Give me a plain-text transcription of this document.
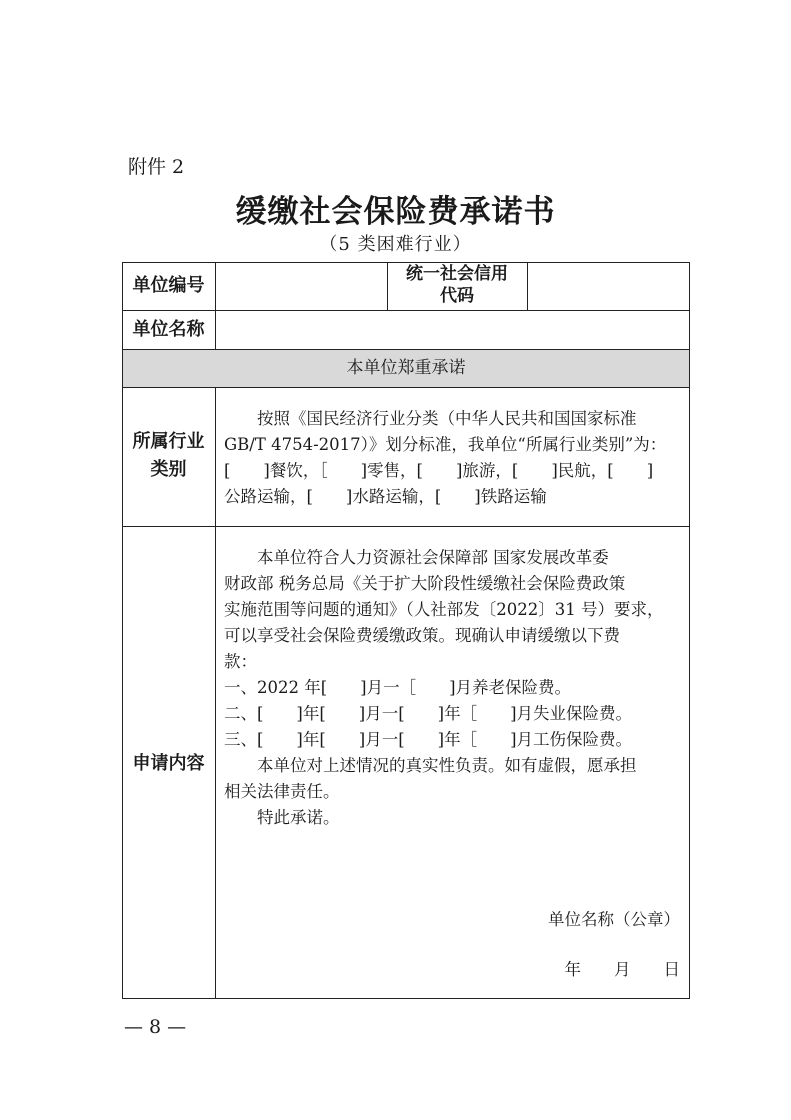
附件 2
缓缴社会保险费承诺书
（5 类困难行业）
单位编号
统一社会信用
代码
单位名称
本单位郑重承诺
所属行业
类别
按照《国民经济行业分类（中华人民共和国国家标准
GB/T 4754-2017）》划分标准，我单位“所属行业类别”为：
[　　]餐饮，［　　]零售，[　　]旅游，[　　]民航，[　　]
公路运输，[　　]水路运输，[　　]铁路运输
申请内容
本单位符合人力资源社会保障部 国家发展改革委
财政部 税务总局《关于扩大阶段性缓缴社会保险费政策
实施范围等问题的通知》（人社部发〔2022〕31 号）要求，
可以享受社会保险费缓缴政策。现确认申请缓缴以下费
款：
一、2022 年[　　]月一［　　]月养老保险费。
二、[　　]年[　　]月一[　　]年［　　]月失业保险费。
三、[　　]年[　　]月一[　　]年［　　]月工伤保险费。
本单位对上述情况的真实性负责。如有虚假，愿承担
相关法律责任。
特此承诺。
单位名称（公章）
年　　月　　日
— 8 —
